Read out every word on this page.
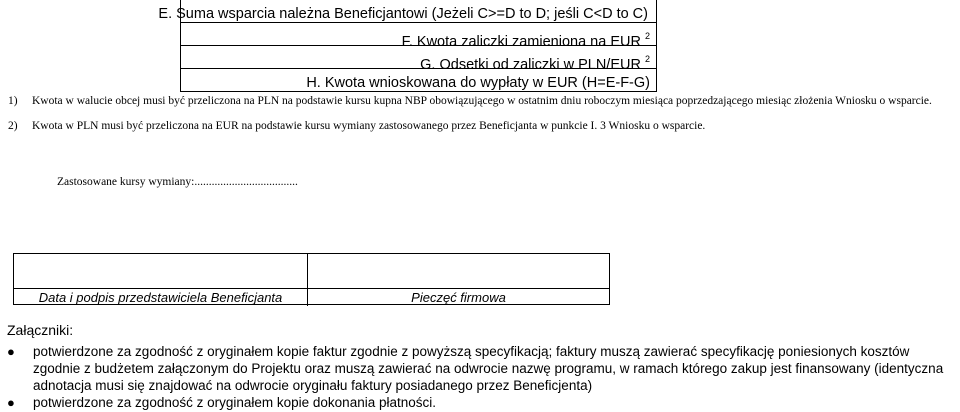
E. Suma wsparcia należna Beneficjantowi (Jeżeli C>=D to D; jeśli C<D to C)
F. Kwota zaliczki zamieniona na EUR $^2$
G. Odsetki od zaliczki w PLN/EUR $^2$
H. Kwota wnioskowana do wypłaty w EUR (H=E-F-G)
1) Kwota w walucie obcej musi być przeliczona na PLN na podstawie kursu kupna NBP obowiązującego w ostatnim dniu roboczym miesiąca poprzedzającego miesiąc złożenia Wniosku o wsparcie.
2) Kwota w PLN musi być przeliczona na EUR na podstawie kursu wymiany zastosowanego przez Beneficjanta w punkcie I. 3 Wniosku o wsparcie.
Zastosowane kursy wymiany:....................................
Data i podpis przedstawiciela Beneficjanta	Pieczęć firmowa
Załączniki:
● potwierdzone za zgodność z oryginałem kopie faktur zgodnie z powyższą specyfikacją; faktury muszą zawierać specyfikację poniesionych kosztów zgodnie z budżetem załączonym do Projektu oraz muszą zawierać na odwrocie nazwę programu, w ramach którego zakup jest finansowany (identyczna adnotacja musi się znajdować na odwrocie oryginału faktury posiadanego przez Beneficjenta)
● potwierdzone za zgodność z oryginałem kopie dokonania płatności.
